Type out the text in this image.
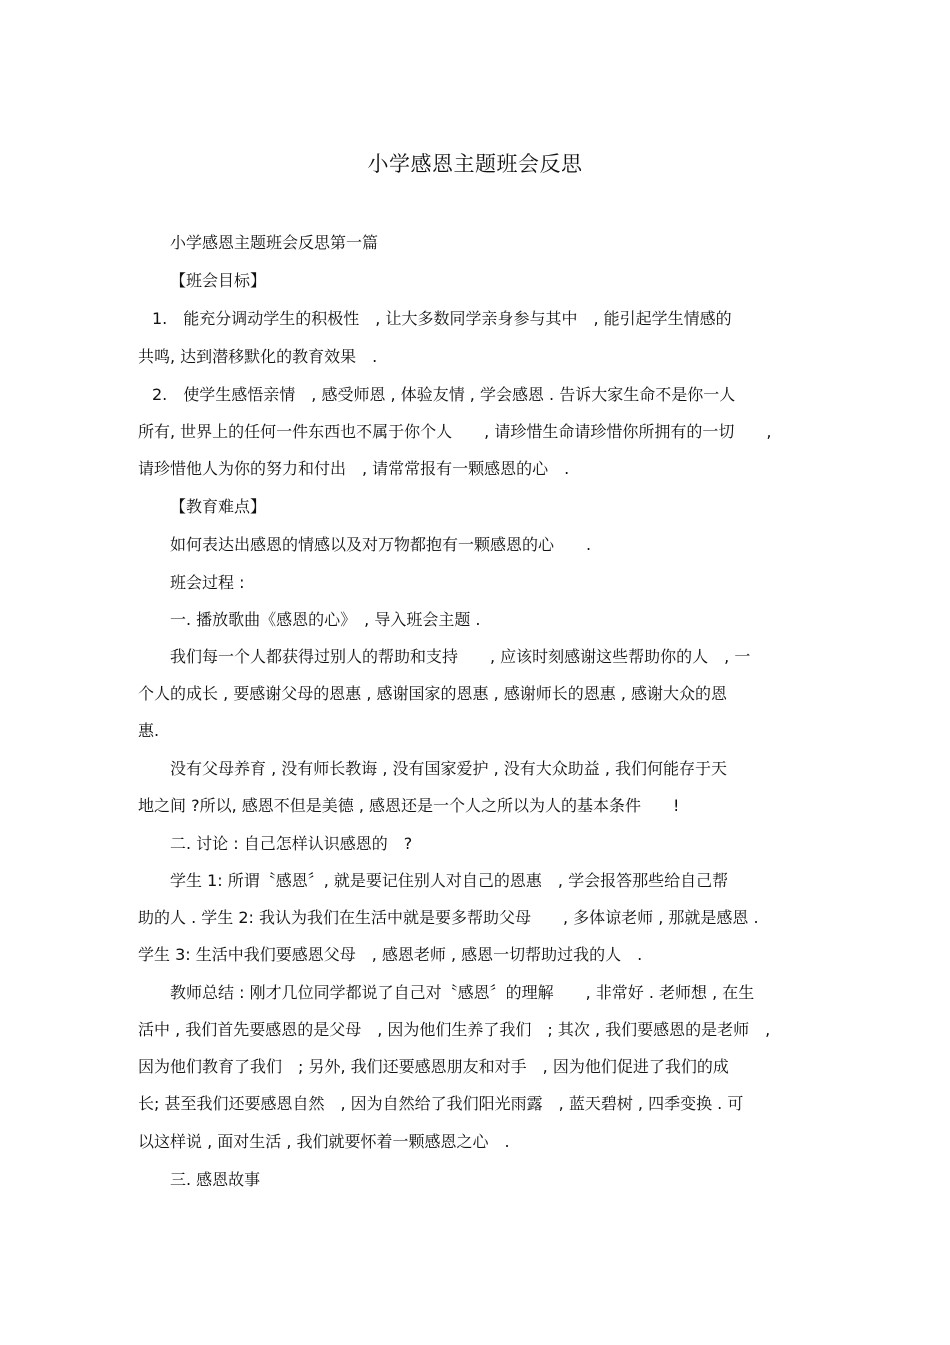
小学感恩主题班会反思
小学感恩主题班会反思第一篇
【班会目标】
1.　能充分调动学生的积极性　, 让大多数同学亲身参与其中　, 能引起学生情感的
共鸣, 达到潜移默化的教育效果　.
2.　使学生感悟亲情　, 感受师恩 , 体验友情 , 学会感恩 . 告诉大家生命不是你一人
所有, 世界上的任何一件东西也不属于你个人　　, 请珍惜生命请珍惜你所拥有的一切　　,
请珍惜他人为你的努力和付出　, 请常常报有一颗感恩的心　.
【教育难点】
如何表达出感恩的情感以及对万物都抱有一颗感恩的心　　.
班会过程 :
一. 播放歌曲《感恩的心》　, 导入班会主题 .
我们每一个人都获得过别人的帮助和支持　　, 应该时刻感谢这些帮助你的人　, 一
个人的成长 , 要感谢父母的恩惠 , 感谢国家的恩惠 , 感谢师长的恩惠 , 感谢大众的恩
惠.
没有父母养育 , 没有师长教诲 , 没有国家爱护 , 没有大众助益 , 我们何能存于天
地之间 ?所以, 感恩不但是美德 , 感恩还是一个人之所以为人的基本条件　　!
二. 讨论 : 自己怎样认识感恩的　?
学生 1: 所谓〝感恩〞, 就是要记住别人对自己的恩惠　, 学会报答那些给自己帮
助的人 . 学生 2: 我认为我们在生活中就是要多帮助父母　　, 多体谅老师 , 那就是感恩 .
学生 3: 生活中我们要感恩父母　, 感恩老师 , 感恩一切帮助过我的人　.
教师总结 : 刚才几位同学都说了自己对〝感恩〞的理解　　, 非常好 . 老师想 , 在生
活中 , 我们首先要感恩的是父母　, 因为他们生养了我们　; 其次 , 我们要感恩的是老师　,
因为他们教育了我们　; 另外, 我们还要感恩朋友和对手　, 因为他们促进了我们的成
长; 甚至我们还要感恩自然　, 因为自然给了我们阳光雨露　, 蓝天碧树 , 四季变换 . 可
以这样说 , 面对生活 , 我们就要怀着一颗感恩之心　.
三. 感恩故事
